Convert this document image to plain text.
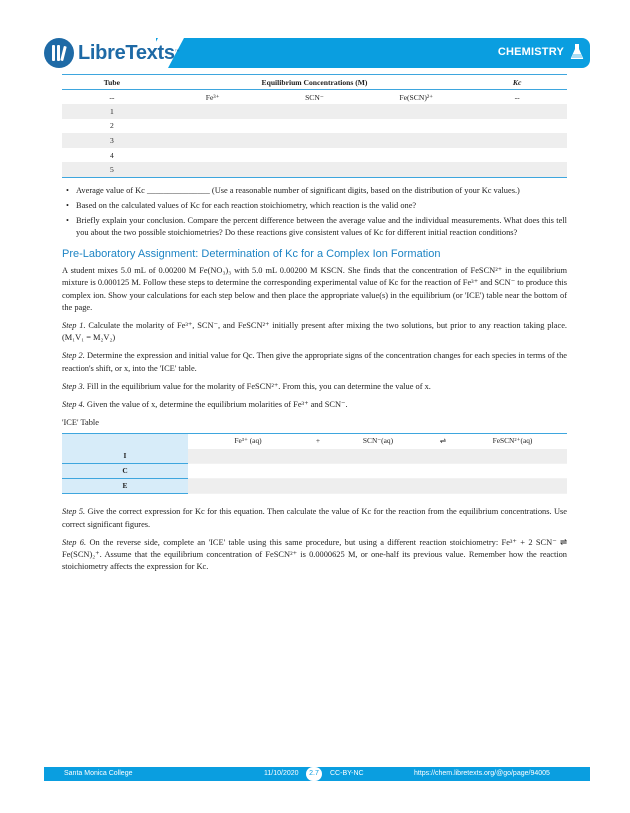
LibreTexts ™	CHEMISTRY
Tube	Equilibrium Concentrations (M)			Kc
--	Fe³⁺	SCN⁻	Fe(SCN)²⁺	--
1				
2				
3				
4				
5				
• Average value of Kc _______________ (Use a reasonable number of significant digits, based on the distribution of your Kc values.)
• Based on the calculated values of Kc for each reaction stoichiometry, which reaction is the valid one?
• Briefly explain your conclusion. Compare the percent difference between the average value and the individual measurements. What does this tell you about the two possible stoichiometries? Do these reactions give consistent values of Kc for different initial reaction conditions?
Pre-Laboratory Assignment: Determination of Kc for a Complex Ion Formation

A student mixes 5.0 mL of 0.00200 M Fe(NO₃)₃ with 5.0 mL 0.00200 M KSCN. She finds that the concentration of FeSCN²⁺ in the equilibrium mixture is 0.000125 M. Follow these steps to determine the corresponding experimental value of Kc for the reaction of Fe³⁺ and SCN⁻ to produce this complex ion. Show your calculations for each step below and then place the appropriate value(s) in the equilibrium (or 'ICE') table near the bottom of the page.

Step 1. Calculate the molarity of Fe³⁺, SCN⁻, and FeSCN²⁺ initially present after mixing the two solutions, but prior to any reaction taking place. (M₁V₁ = M₂V₂)

Step 2. Determine the expression and initial value for Qc. Then give the appropriate signs of the concentration changes for each species in terms of the reaction's shift, or x, into the 'ICE' table.

Step 3. Fill in the equilibrium value for the molarity of FeSCN²⁺. From this, you can determine the value of x.

Step 4. Given the value of x, determine the equilibrium molarities of Fe³⁺ and SCN⁻.

'ICE' Table

	Fe³⁺ (aq)	+	SCN⁻(aq)	⇌	FeSCN²⁺(aq)
I					
C					
E					

Step 5. Give the correct expression for Kc for this equation. Then calculate the value of Kc for the reaction from the equilibrium concentrations. Use correct significant figures.

Step 6. On the reverse side, complete an 'ICE' table using this same procedure, but using a different reaction stoichiometry: Fe³⁺ + 2 SCN⁻ ⇌ Fe(SCN)₂⁺. Assume that the equilibrium concentration of FeSCN²⁺ is 0.0000625 M, or one-half its previous value. Remember how the reaction stoichiometry affects the expression for Kc.

Santa Monica College	11/10/2020	2.7	CC-BY-NC	https://chem.libretexts.org/@go/page/94005
